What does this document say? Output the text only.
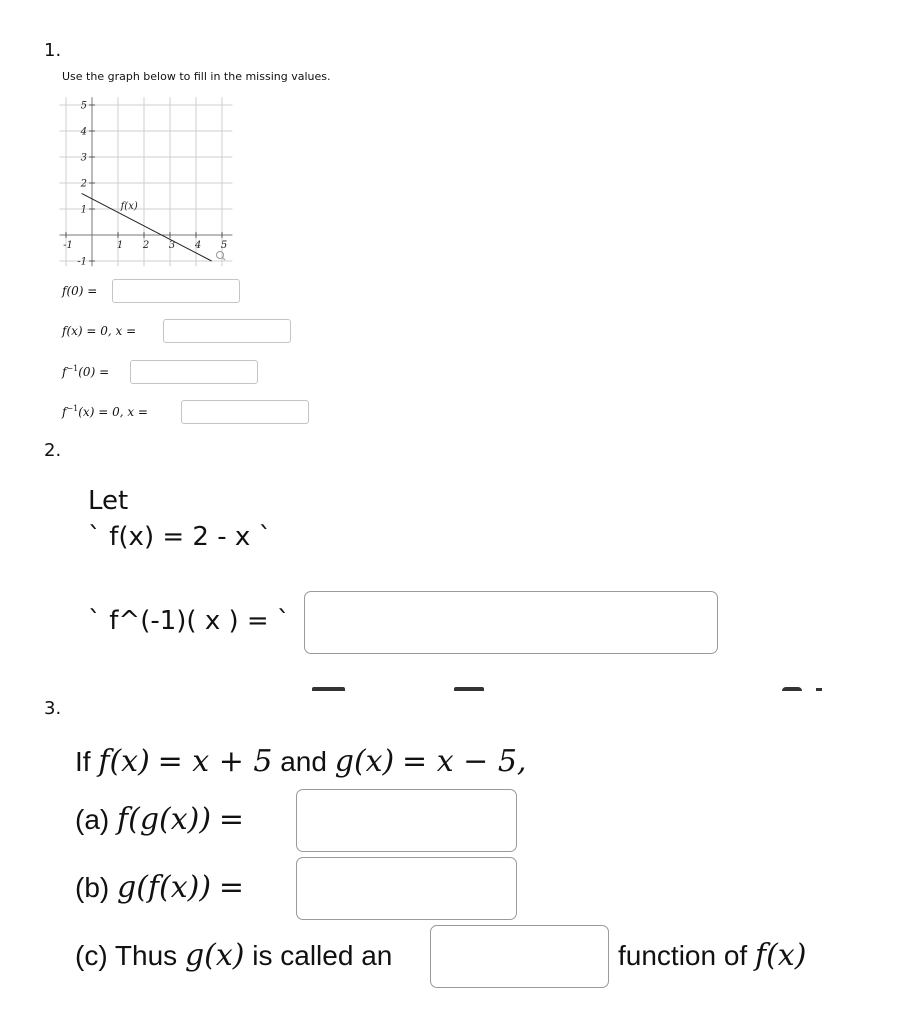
1.
Use the graph below to fill in the missing values.
-1	1 2 3 4 5
5
4
3
2
1
-1
f(x)
f(0) =
f(x) = 0, x =
$f^{-1}(0)$ =
$f^{-1}(x) = 0$, x =
2.
Let
` f(x) = 2 - x `
` f^(-1)( x ) = `
3.
If f(x) = x + 5 and g(x) = x − 5,
(a) f(g(x)) =
(b) g(f(x)) =
(c) Thus g(x) is called an	function of f(x)
